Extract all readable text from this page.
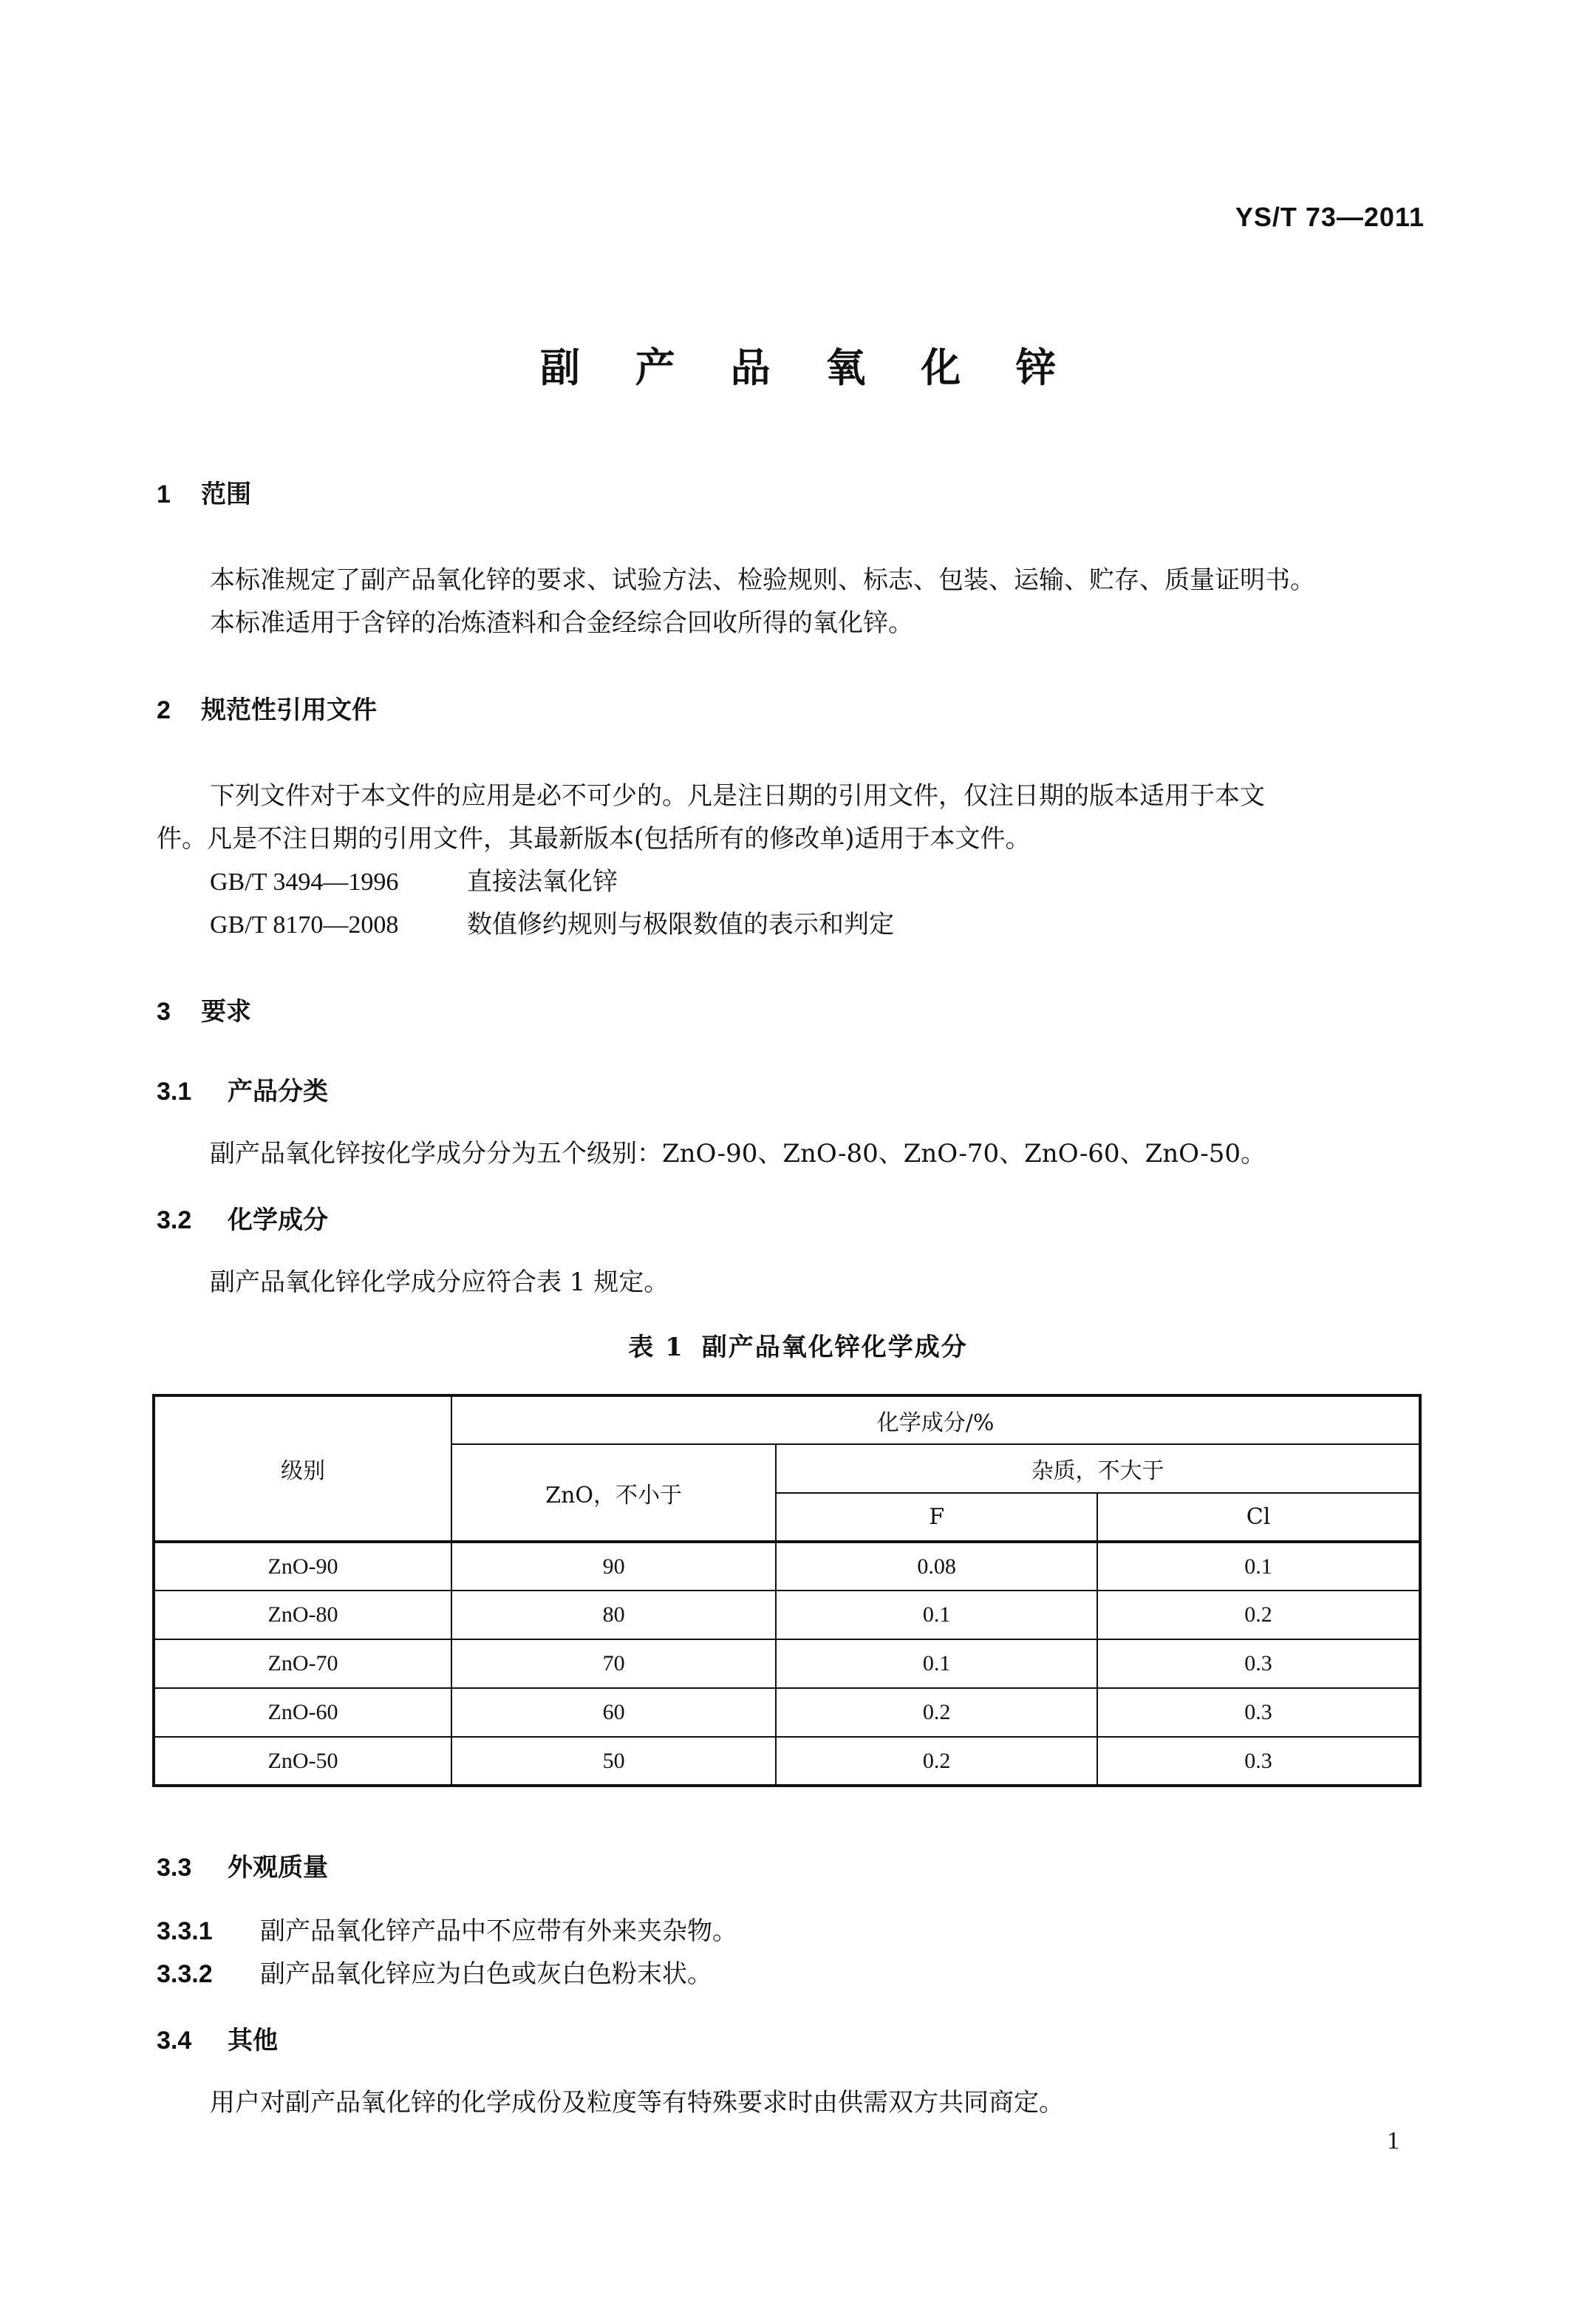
YS/T 73—2011
副 产 品 氧 化 锌
1 范围
本标准规定了副产品氧化锌的要求、试验方法、检验规则、标志、包装、运输、贮存、质量证明书。
本标准适用于含锌的冶炼渣料和合金经综合回收所得的氧化锌。
2 规范性引用文件
下列文件对于本文件的应用是必不可少的。凡是注日期的引用文件，仅注日期的版本适用于本文
件。凡是不注日期的引用文件，其最新版本(包括所有的修改单)适用于本文件。
GB/T 3494—1996	直接法氧化锌
GB/T 8170—2008	数值修约规则与极限数值的表示和判定
3 要求
3.1 产品分类
副产品氧化锌按化学成分分为五个级别：ZnO-90、ZnO-80、ZnO-70、ZnO-60、ZnO-50。
3.2 化学成分
副产品氧化锌化学成分应符合表 1 规定。
表 1 副产品氧化锌化学成分
级别	化学成分/%		
	ZnO，不小于	杂质，不大于	
		F	Cl
ZnO-90	90	0.08	0.1
ZnO-80	80	0.1	0.2
ZnO-70	70	0.1	0.3
ZnO-60	60	0.2	0.3
ZnO-50	50	0.2	0.3
3.3 外观质量
3.3.1 副产品氧化锌产品中不应带有外来夹杂物。
3.3.2 副产品氧化锌应为白色或灰白色粉末状。
3.4 其他
用户对副产品氧化锌的化学成份及粒度等有特殊要求时由供需双方共同商定。
1
